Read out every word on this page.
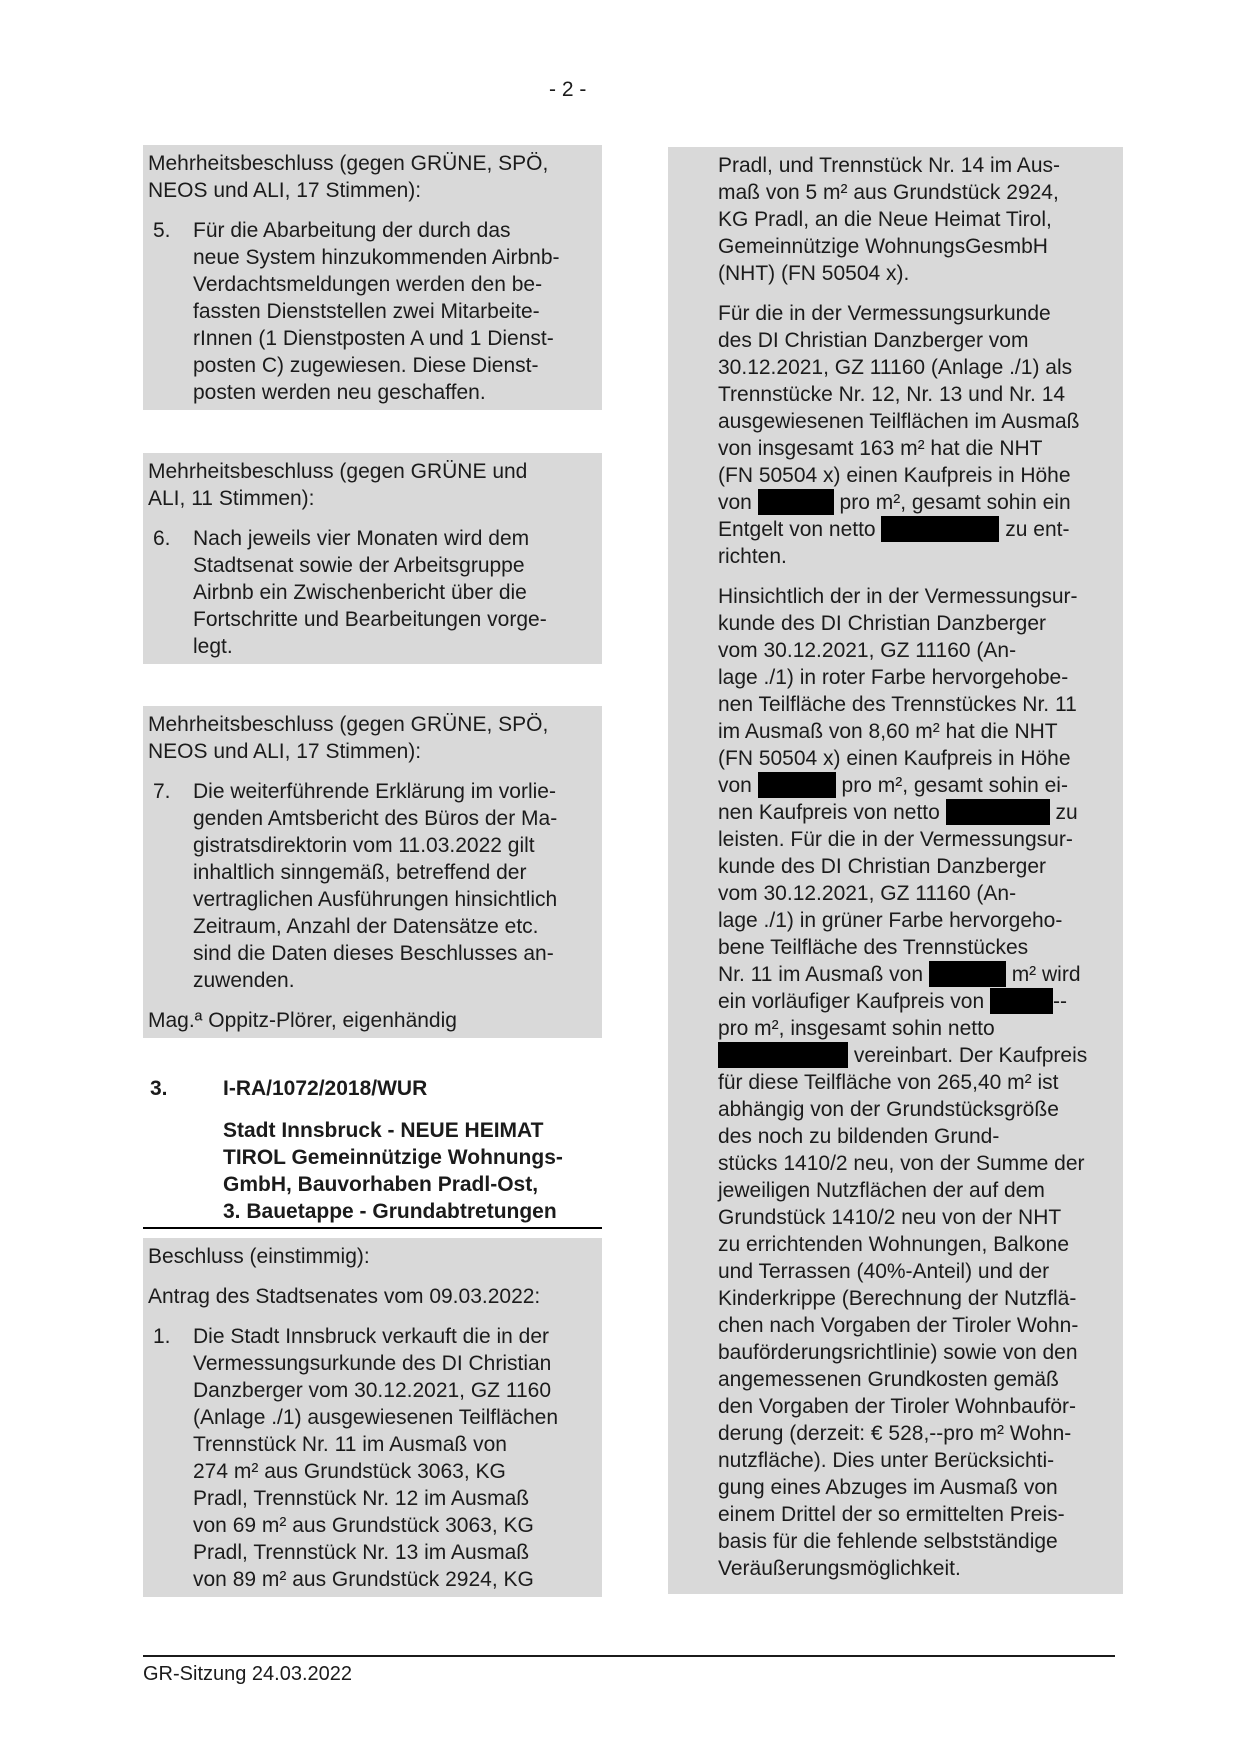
- 2 -
Mehrheitsbeschluss (gegen GRÜNE, SPÖ,
NEOS und ALI, 17 Stimmen):
5. Für die Abarbeitung der durch das
neue System hinzukommenden Airbnb-
Verdachtsmeldungen werden den be-
fassten Dienststellen zwei Mitarbeite-
rInnen (1 Dienstposten A und 1 Dienst-
posten C) zugewiesen. Diese Dienst-
posten werden neu geschaffen.
Mehrheitsbeschluss (gegen GRÜNE und
ALI, 11 Stimmen):
6. Nach jeweils vier Monaten wird dem
Stadtsenat sowie der Arbeitsgruppe
Airbnb ein Zwischenbericht über die
Fortschritte und Bearbeitungen vorge-
legt.
Mehrheitsbeschluss (gegen GRÜNE, SPÖ,
NEOS und ALI, 17 Stimmen):
7. Die weiterführende Erklärung im vorlie-
genden Amtsbericht des Büros der Ma-
gistratsdirektorin vom 11.03.2022 gilt
inhaltlich sinngemäß, betreffend der
vertraglichen Ausführungen hinsichtlich
Zeitraum, Anzahl der Datensätze etc.
sind die Daten dieses Beschlusses an-
zuwenden.
Mag.ª Oppitz-Plörer, eigenhändig
3.	I-RA/1072/2018/WUR
Stadt Innsbruck - NEUE HEIMAT
TIROL Gemeinnützige Wohnungs-
GmbH, Bauvorhaben Pradl-Ost,
3. Bauetappe - Grundabtretungen
Beschluss (einstimmig):
Antrag des Stadtsenates vom 09.03.2022:
1. Die Stadt Innsbruck verkauft die in der
Vermessungsurkunde des DI Christian
Danzberger vom 30.12.2021, GZ 1160
(Anlage ./1) ausgewiesenen Teilflächen
Trennstück Nr. 11 im Ausmaß von
274 m² aus Grundstück 3063, KG
Pradl, Trennstück Nr. 12 im Ausmaß
von 69 m² aus Grundstück 3063, KG
Pradl, Trennstück Nr. 13 im Ausmaß
von 89 m² aus Grundstück 2924, KG
Pradl, und Trennstück Nr. 14 im Aus-
maß von 5 m² aus Grundstück 2924,
KG Pradl, an die Neue Heimat Tirol,
Gemeinnützige WohnungsGesmbH
(NHT) (FN 50504 x).
Für die in der Vermessungsurkunde
des DI Christian Danzberger vom
30.12.2021, GZ 11160 (Anlage ./1) als
Trennstücke Nr. 12, Nr. 13 und Nr. 14
ausgewiesenen Teilflächen im Ausmaß
von insgesamt 163 m² hat die NHT
(FN 50504 x) einen Kaufpreis in Höhe
von	pro m², gesamt sohin ein
Entgelt von netto	zu ent-
richten.
Hinsichtlich der in der Vermessungsur-
kunde des DI Christian Danzberger
vom 30.12.2021, GZ 11160 (An-
lage ./1) in roter Farbe hervorgehobe-
nen Teilfläche des Trennstückes Nr. 11
im Ausmaß von 8,60 m² hat die NHT
(FN 50504 x) einen Kaufpreis in Höhe
von	pro m², gesamt sohin ei-
nen Kaufpreis von netto	zu
leisten. Für die in der Vermessungsur-
kunde des DI Christian Danzberger
vom 30.12.2021, GZ 11160 (An-
lage ./1) in grüner Farbe hervorgeho-
bene Teilfläche des Trennstückes
Nr. 11 im Ausmaß von	m² wird
ein vorläufiger Kaufpreis von	--
pro m², insgesamt sohin netto
vereinbart. Der Kaufpreis
für diese Teilfläche von 265,40 m² ist
abhängig von der Grundstücksgröße
des noch zu bildenden Grund-
stücks 1410/2 neu, von der Summe der
jeweiligen Nutzflächen der auf dem
Grundstück 1410/2 neu von der NHT
zu errichtenden Wohnungen, Balkone
und Terrassen (40%-Anteil) und der
Kinderkrippe (Berechnung der Nutzflä-
chen nach Vorgaben der Tiroler Wohn-
bauförderungsrichtlinie) sowie von den
angemessenen Grundkosten gemäß
den Vorgaben der Tiroler Wohnbauför-
derung (derzeit: € 528,--pro m² Wohn-
nutzfläche). Dies unter Berücksichti-
gung eines Abzuges im Ausmaß von
einem Drittel der so ermittelten Preis-
basis für die fehlende selbstständige
Veräußerungsmöglichkeit.
GR-Sitzung 24.03.2022
